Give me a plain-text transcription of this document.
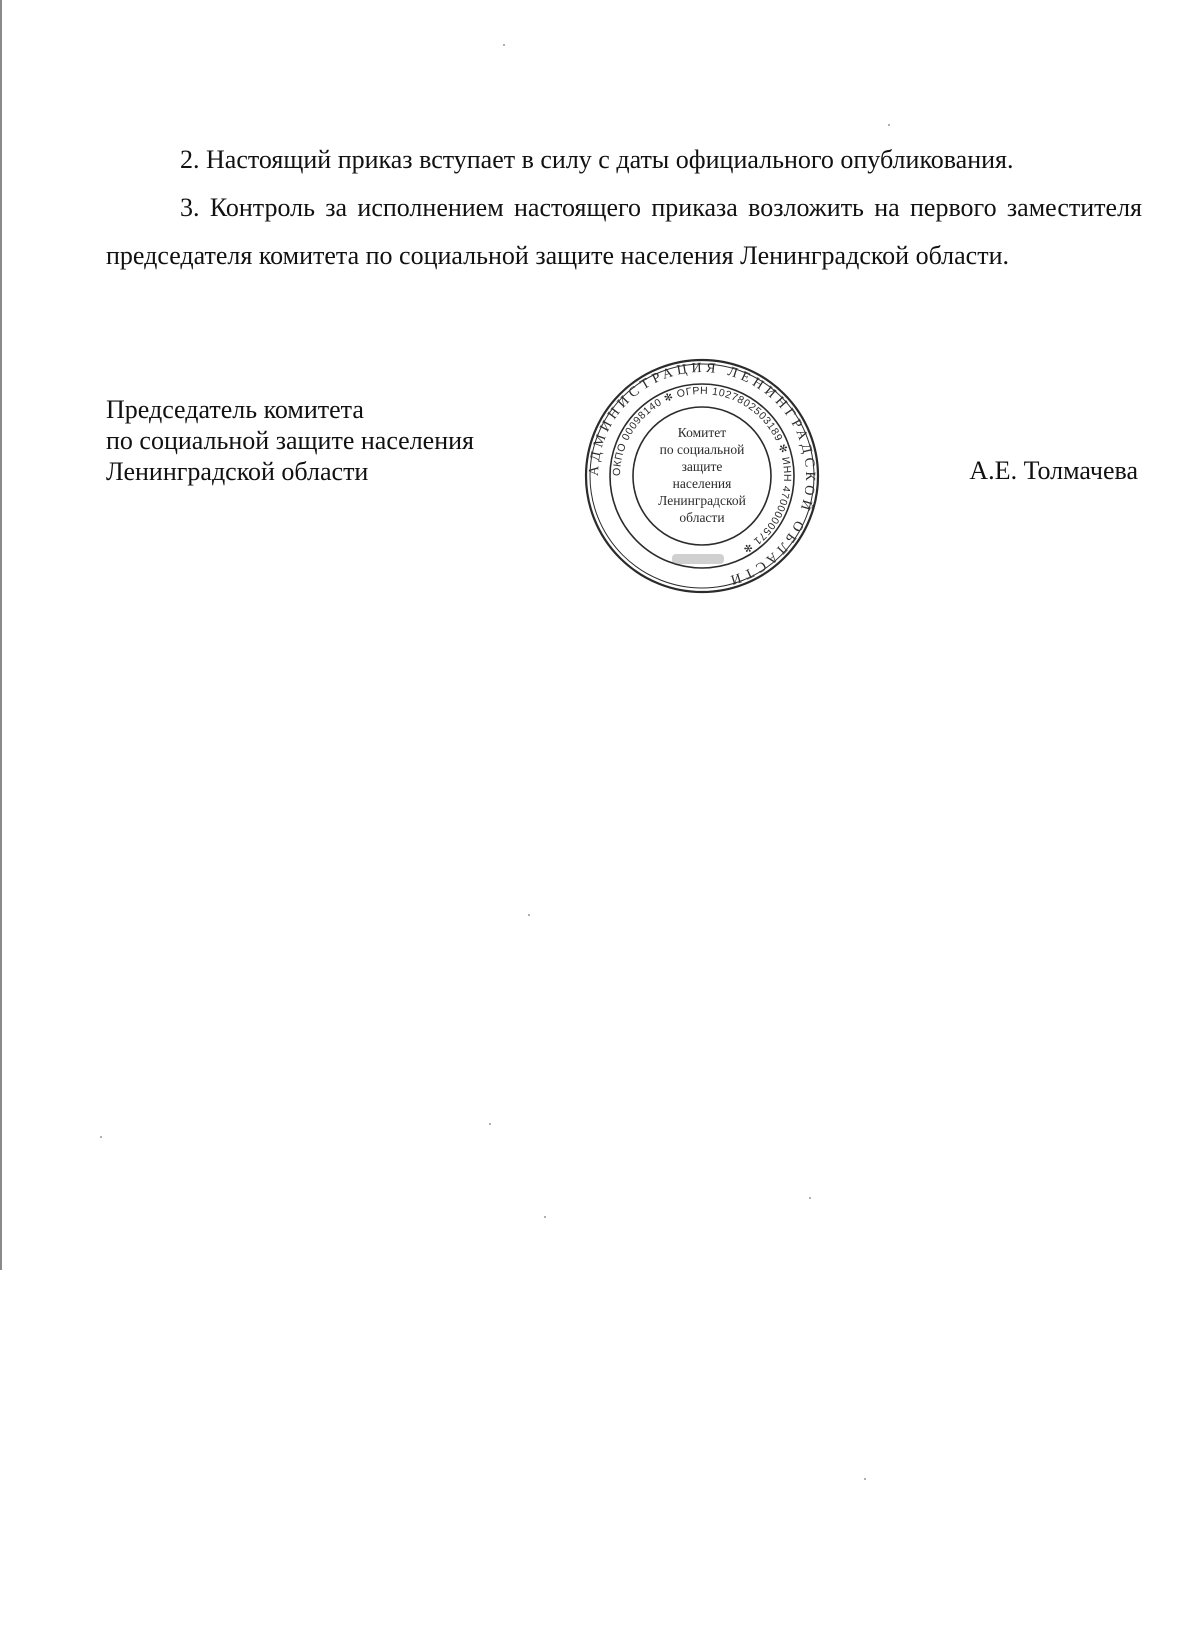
2. Настоящий приказ вступает в силу с даты официального опубликования.

3. Контроль за исполнением настоящего приказа возложить на первого заместителя председателя комитета по социальной защите населения Ленинградской области.

Председатель комитета
по социальной защите населения
Ленинградской области	А.Е. Толмачева
АДМИНИСТРАЦИЯ ЛЕНИНГРАДСКОЙ ОБЛАСТИ
ОКПО 00098140 ✻ ОГРН 1027802503189 ✻ ИНН 4700000571 ✻
Комитет
по социальной
защите
населения
Ленинградской
области
